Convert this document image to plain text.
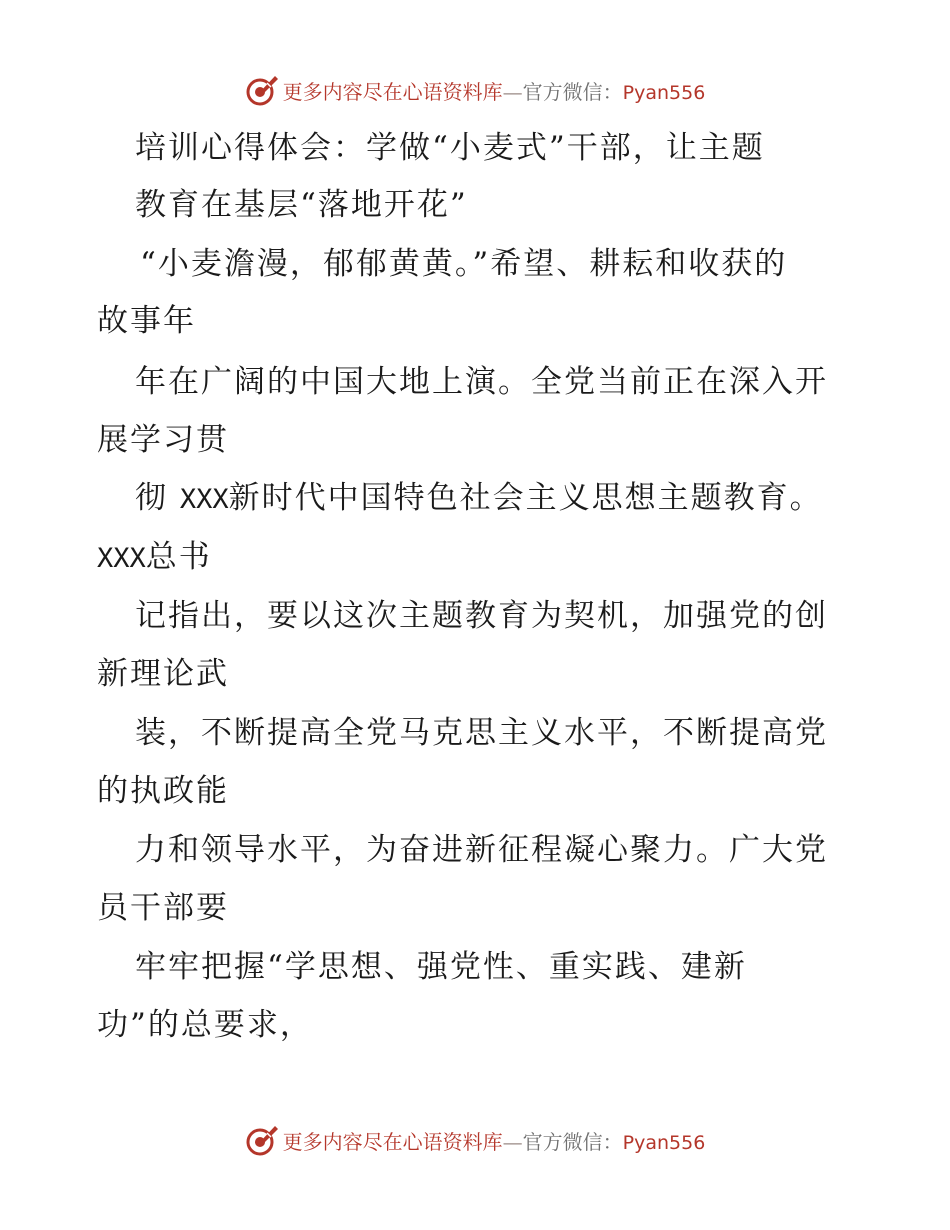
更多内容尽在心语资料库—官方微信：Pyan556
培训心得体会：学做“小麦式”干部，让主题
教育在基层“落地开花”
“小麦澹漫，郁郁黄黄。”希望、耕耘和收获的
故事年
年在广阔的中国大地上演。全党当前正在深入开
展学习贯
彻 XXX新时代中国特色社会主义思想主题教育。
XXX总书
记指出，要以这次主题教育为契机，加强党的创
新理论武
装，不断提高全党马克思主义水平，不断提高党
的执政能
力和领导水平，为奋进新征程凝心聚力。广大党
员干部要
牢牢把握“学思想、强党性、重实践、建新
功”的总要求，
更多内容尽在心语资料库—官方微信：Pyan556
